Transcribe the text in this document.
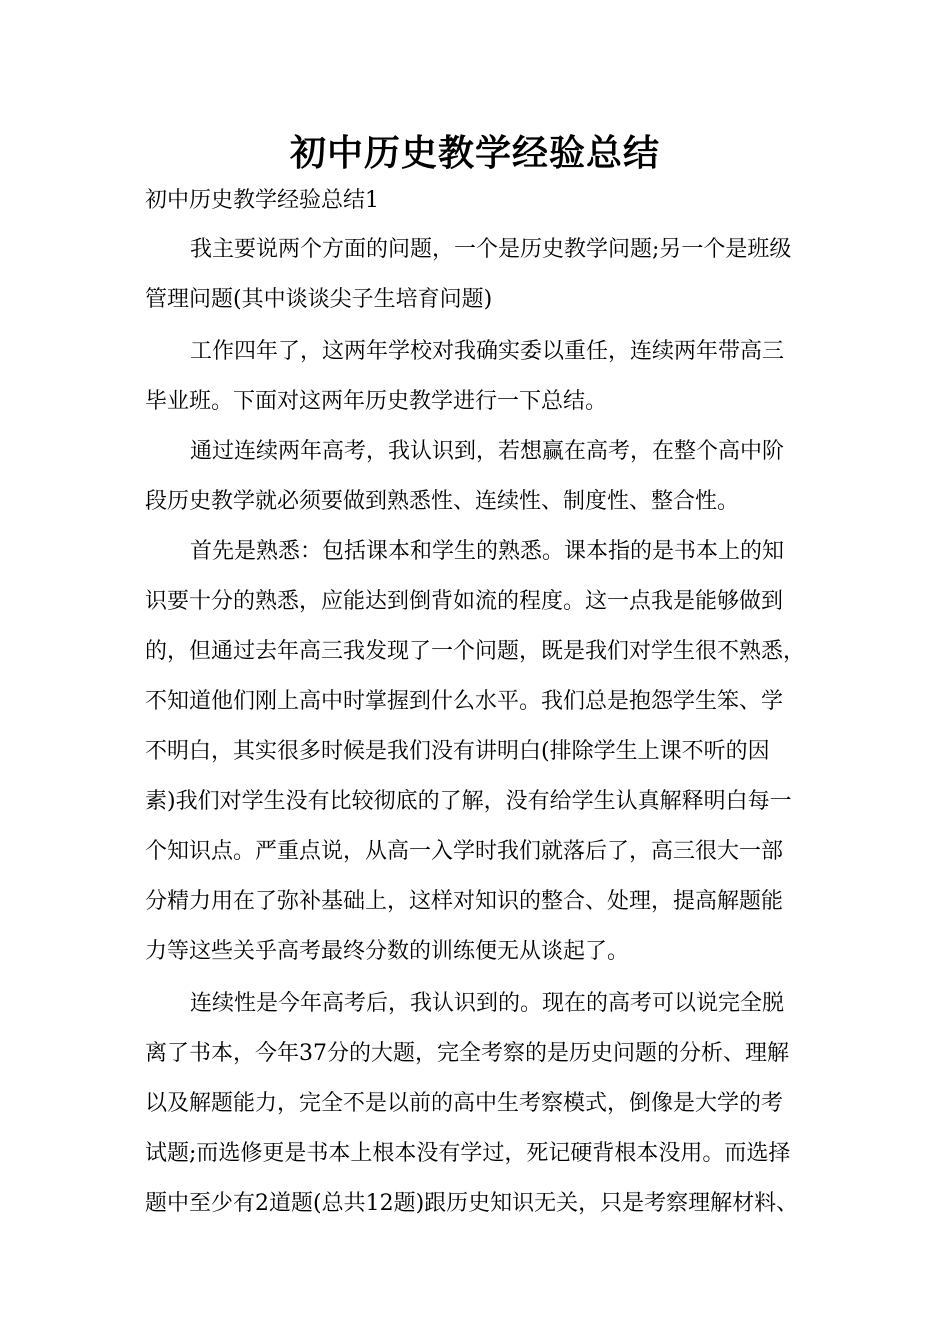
初中历史教学经验总结
初中历史教学经验总结1
我主要说两个方面的问题，一个是历史教学问题;另一个是班级
管理问题(其中谈谈尖子生培育问题)
工作四年了，这两年学校对我确实委以重任，连续两年带高三
毕业班。下面对这两年历史教学进行一下总结。
通过连续两年高考，我认识到，若想赢在高考，在整个高中阶
段历史教学就必须要做到熟悉性、连续性、制度性、整合性。
首先是熟悉：包括课本和学生的熟悉。课本指的是书本上的知
识要十分的熟悉，应能达到倒背如流的程度。这一点我是能够做到
的，但通过去年高三我发现了一个问题，既是我们对学生很不熟悉，
不知道他们刚上高中时掌握到什么水平。我们总是抱怨学生笨、学
不明白，其实很多时候是我们没有讲明白(排除学生上课不听的因
素)我们对学生没有比较彻底的了解，没有给学生认真解释明白每一
个知识点。严重点说，从高一入学时我们就落后了，高三很大一部
分精力用在了弥补基础上，这样对知识的整合、处理，提高解题能
力等这些关乎高考最终分数的训练便无从谈起了。
连续性是今年高考后，我认识到的。现在的高考可以说完全脱
离了书本，今年37分的大题，完全考察的是历史问题的分析、理解
以及解题能力，完全不是以前的高中生考察模式，倒像是大学的考
试题;而选修更是书本上根本没有学过，死记硬背根本没用。而选择
题中至少有2道题(总共12题)跟历史知识无关，只是考察理解材料、
